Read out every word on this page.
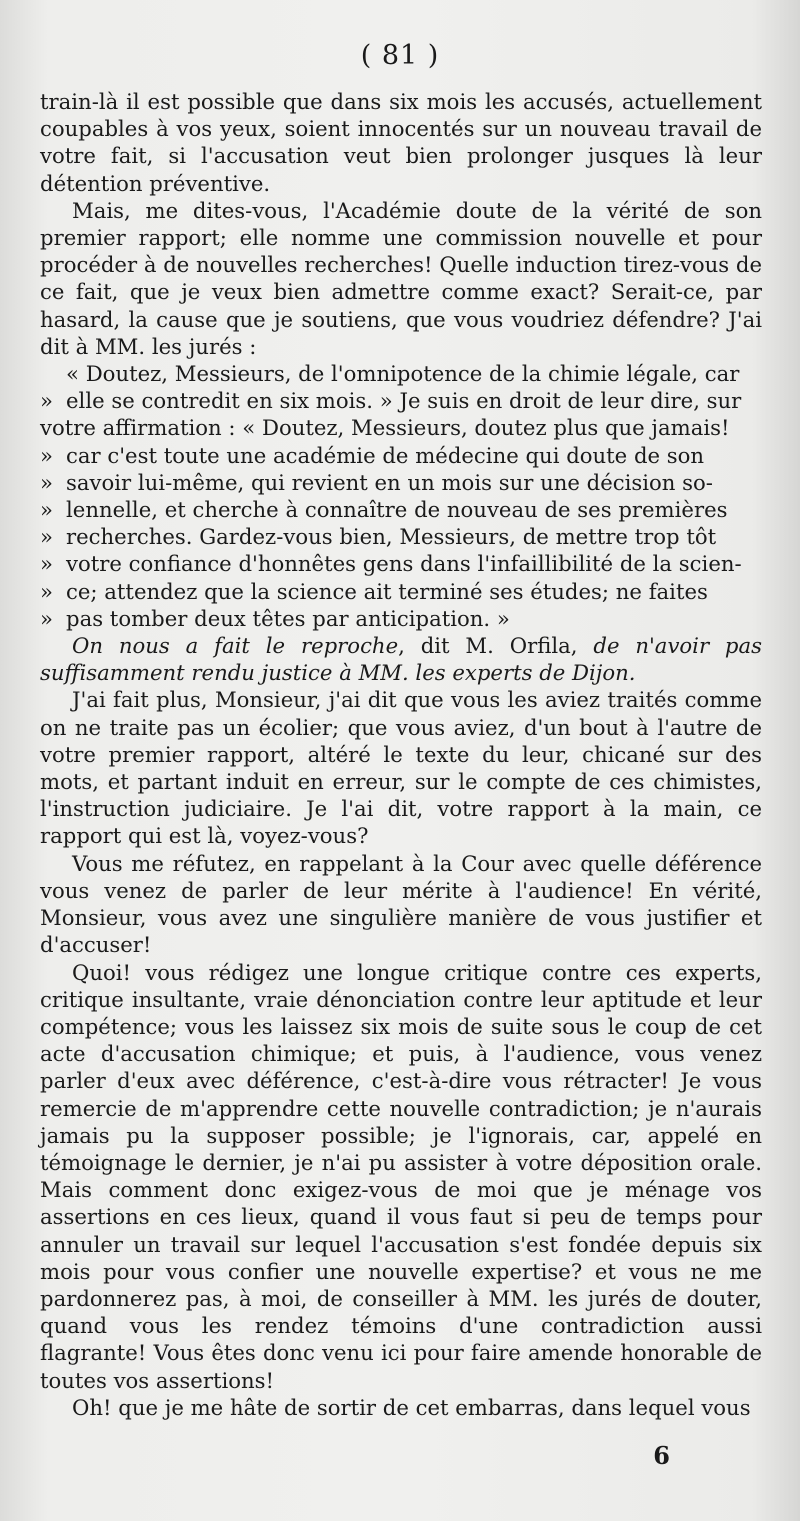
( 81 )

train-là il est possible que dans six mois les accusés, actuellement coupables à vos yeux, soient innocentés sur un nouveau travail de votre fait, si l'accusation veut bien prolonger jusques là leur détention préventive.

Mais, me dites-vous, l'Académie doute de la vérité de son premier rapport; elle nomme une commission nouvelle et pour procéder à de nouvelles recherches! Quelle induction tirez-vous de ce fait, que je veux bien admettre comme exact? Serait-ce, par hasard, la cause que je soutiens, que vous voudriez défendre? J'ai dit à MM. les jurés :

« Doutez, Messieurs, de l'omnipotence de la chimie légale, car

» elle se contredit en six mois. » Je suis en droit de leur dire, sur

votre affirmation : « Doutez, Messieurs, doutez plus que jamais!

» car c'est toute une académie de médecine qui doute de son

» savoir lui-même, qui revient en un mois sur une décision so-

» lennelle, et cherche à connaître de nouveau de ses premières

» recherches. Gardez-vous bien, Messieurs, de mettre trop tôt

» votre confiance d'honnêtes gens dans l'infaillibilité de la scien-

» ce; attendez que la science ait terminé ses études; ne faites

» pas tomber deux têtes par anticipation. »

On nous a fait le reproche, dit M. Orfila, de n'avoir pas suffisamment rendu justice à MM. les experts de Dijon.

J'ai fait plus, Monsieur, j'ai dit que vous les aviez traités comme on ne traite pas un écolier; que vous aviez, d'un bout à l'autre de votre premier rapport, altéré le texte du leur, chicané sur des mots, et partant induit en erreur, sur le compte de ces chimistes, l'instruction judiciaire. Je l'ai dit, votre rapport à la main, ce rapport qui est là, voyez-vous?

Vous me réfutez, en rappelant à la Cour avec quelle déférence vous venez de parler de leur mérite à l'audience! En vérité, Monsieur, vous avez une singulière manière de vous justifier et d'accuser!

Quoi! vous rédigez une longue critique contre ces experts, critique insultante, vraie dénonciation contre leur aptitude et leur compétence; vous les laissez six mois de suite sous le coup de cet acte d'accusation chimique; et puis, à l'audience, vous venez parler d'eux avec déférence, c'est-à-dire vous rétracter! Je vous remercie de m'apprendre cette nouvelle contradiction; je n'aurais jamais pu la supposer possible; je l'ignorais, car, appelé en témoignage le dernier, je n'ai pu assister à votre déposition orale. Mais comment donc exigez-vous de moi que je ménage vos assertions en ces lieux, quand il vous faut si peu de temps pour annuler un travail sur lequel l'accusation s'est fondée depuis six mois pour vous confier une nouvelle expertise? et vous ne me pardonnerez pas, à moi, de conseiller à MM. les jurés de douter, quand vous les rendez témoins d'une contradiction aussi flagrante! Vous êtes donc venu ici pour faire amende honorable de toutes vos assertions!

Oh! que je me hâte de sortir de cet embarras, dans lequel vous

6
